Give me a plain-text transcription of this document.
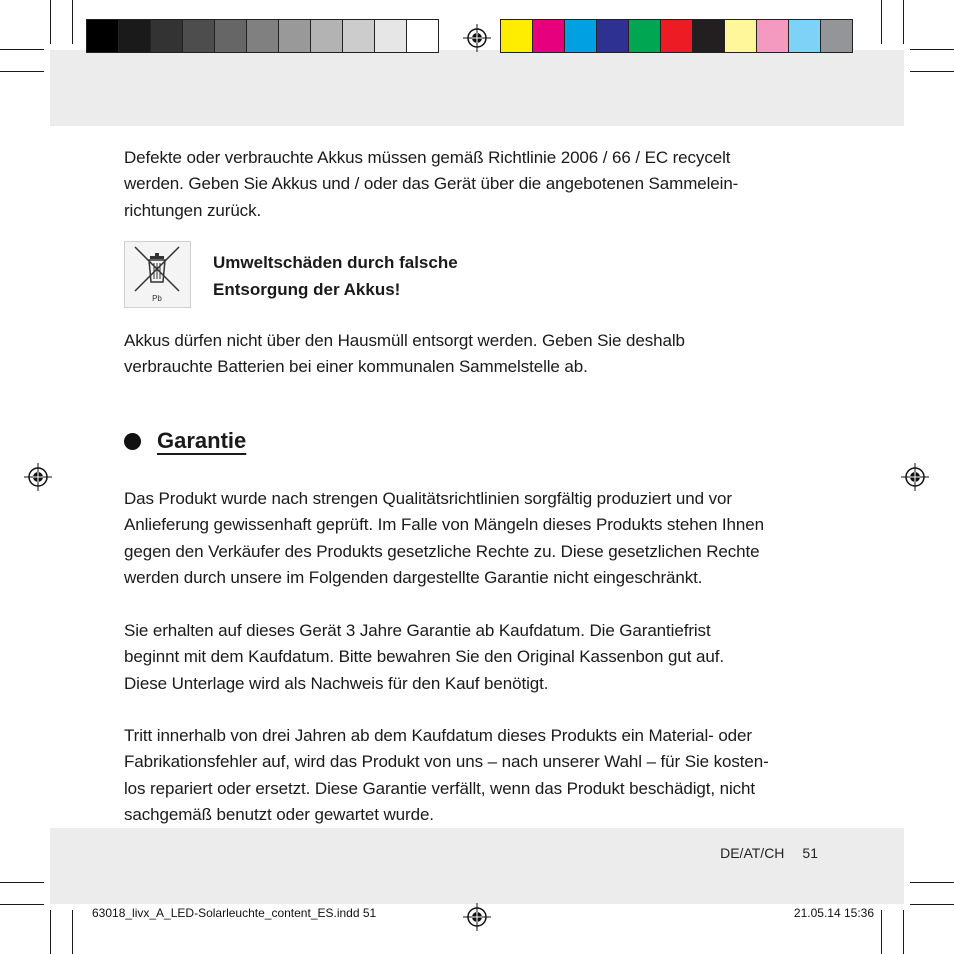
Defekte oder verbrauchte Akkus müssen gemäß Richtlinie 2006 / 66 / EC recycelt

werden. Geben Sie Akkus und / oder das Gerät über die angebotenen Sammelein-

richtungen zurück.

Pb
Umweltschäden durch falsche
Entsorgung der Akkus!

Akkus dürfen nicht über den Hausmüll entsorgt werden. Geben Sie deshalb

verbrauchte Batterien bei einer kommunalen Sammelstelle ab.

Garantie

Das Produkt wurde nach strengen Qualitätsrichtlinien sorgfältig produziert und vor

Anlieferung gewissenhaft geprüft. Im Falle von Mängeln dieses Produkts stehen Ihnen

gegen den Verkäufer des Produkts gesetzliche Rechte zu. Diese gesetzlichen Rechte

werden durch unsere im Folgenden dargestellte Garantie nicht eingeschränkt.

Sie erhalten auf dieses Gerät 3 Jahre Garantie ab Kaufdatum. Die Garantiefrist

beginnt mit dem Kaufdatum. Bitte bewahren Sie den Original Kassenbon gut auf.

Diese Unterlage wird als Nachweis für den Kauf benötigt.

Tritt innerhalb von drei Jahren ab dem Kaufdatum dieses Produkts ein Material- oder

Fabrikationsfehler auf, wird das Produkt von uns – nach unserer Wahl – für Sie kosten-

los repariert oder ersetzt. Diese Garantie verfällt, wenn das Produkt beschädigt, nicht

sachgemäß benutzt oder gewartet wurde.

DE/AT/CH 51
63018_livx_A_LED-Solarleuchte_content_ES.indd 51	21.05.14 15:36
